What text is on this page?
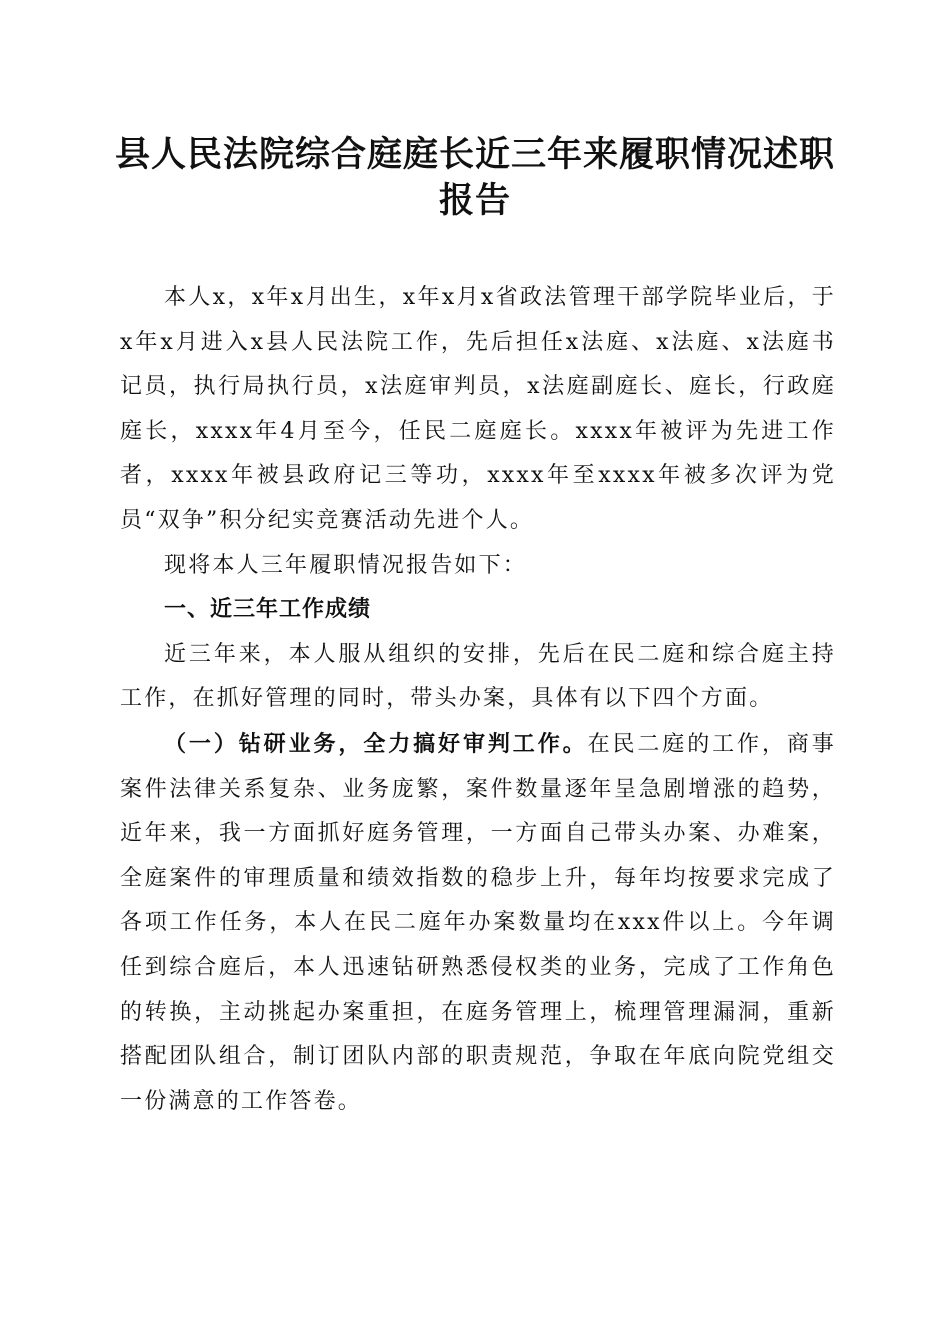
县人民法院综合庭庭长近三年来履职情况述职
报告

本人x，x年x月出生，x年x月x省政法管理干部学院毕业后，于x年x月进入x县人民法院工作，先后担任x法庭、x法庭、x法庭书记员，执行局执行员，x法庭审判员，x法庭副庭长、庭长，行政庭庭长，xxxx年4月至今，任民二庭庭长。xxxx年被评为先进工作者，xxxx年被县政府记三等功，xxxx年至xxxx年被多次评为党员“双争”积分纪实竞赛活动先进个人。

现将本人三年履职情况报告如下：

一、近三年工作成绩

近三年来，本人服从组织的安排，先后在民二庭和综合庭主持工作，在抓好管理的同时，带头办案，具体有以下四个方面。

（一）钻研业务，全力搞好审判工作。在民二庭的工作，商事案件法律关系复杂、业务庞繁，案件数量逐年呈急剧增涨的趋势，近年来，我一方面抓好庭务管理，一方面自己带头办案、办难案，全庭案件的审理质量和绩效指数的稳步上升，每年均按要求完成了各项工作任务，本人在民二庭年办案数量均在xxx件以上。今年调任到综合庭后，本人迅速钻研熟悉侵权类的业务，完成了工作角色的转换，主动挑起办案重担，在庭务管理上，梳理管理漏洞，重新搭配团队组合，制订团队内部的职责规范，争取在年底向院党组交一份满意的工作答卷。
